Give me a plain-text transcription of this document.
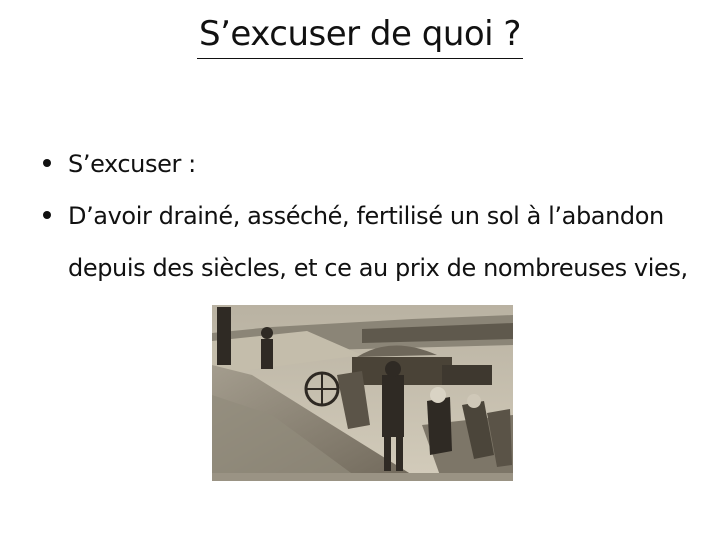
S’excuser de quoi ?
S’excuser :
D’avoir drainé, asséché, fertilisé un sol à l’abandon depuis des siècles, et ce au prix de nombreuses vies,
